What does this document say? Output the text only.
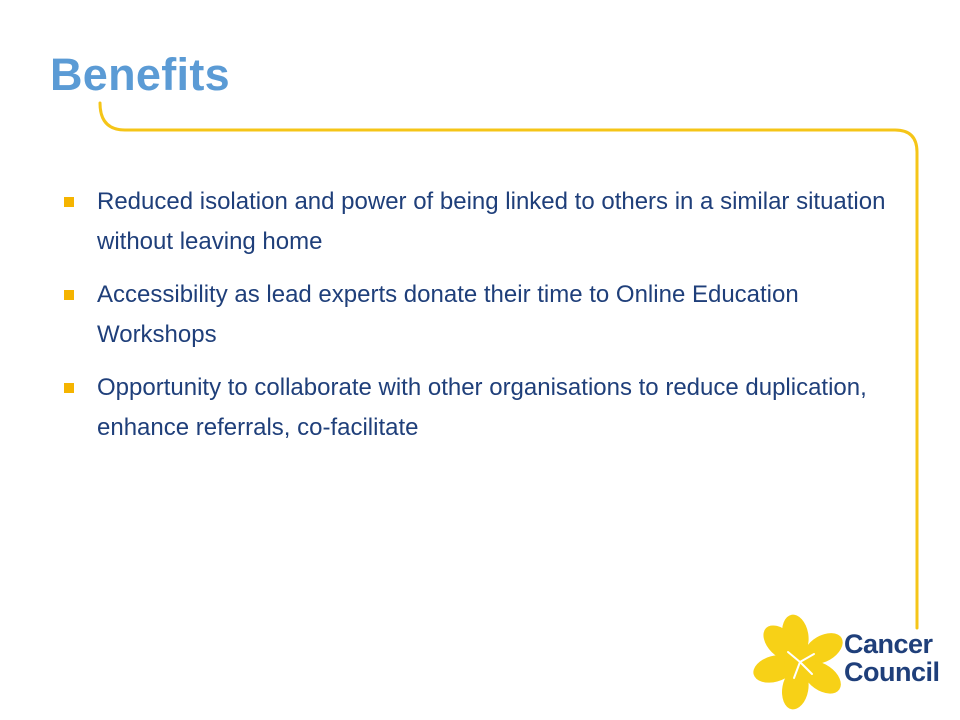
Benefits
Reduced isolation and power of being linked to others in a similar situation without leaving home
Accessibility as lead experts donate their time to Online Education Workshops
Opportunity to collaborate with other organisations to reduce duplication, enhance referrals, co-facilitate
Cancer
Council
